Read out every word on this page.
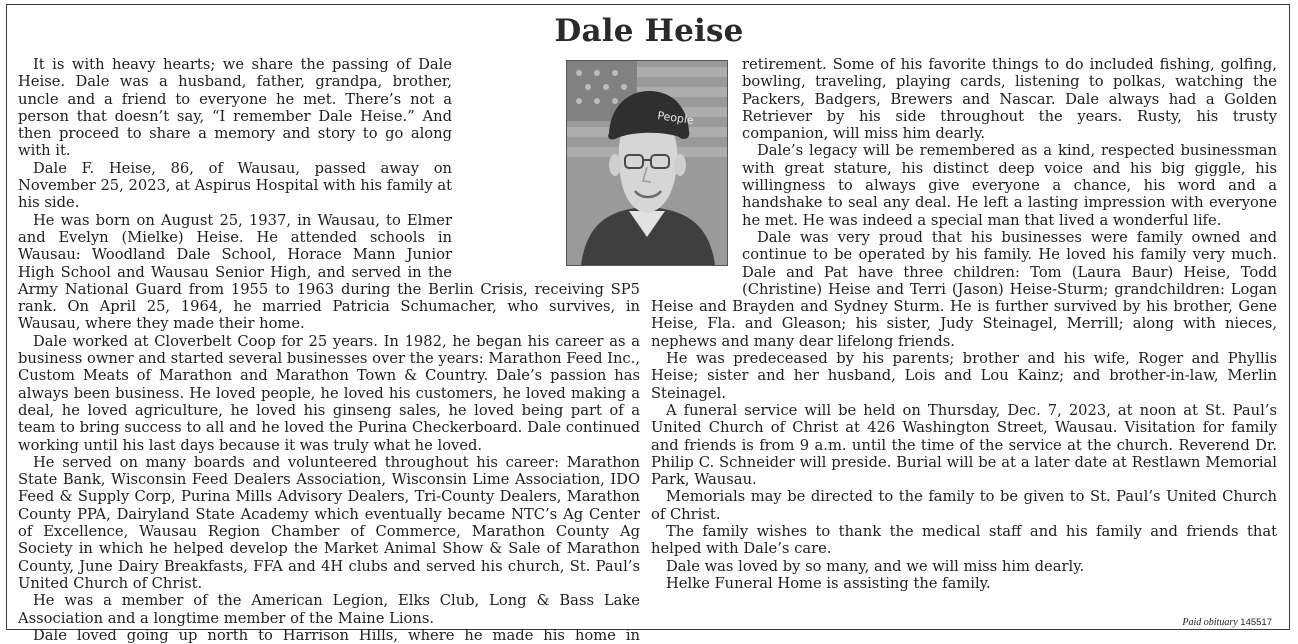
Dale Heise
People

It is with heavy hearts; we share the passing of Dale Heise. Dale was a husband, father, grandpa, brother, uncle and a friend to everyone he met. There’s not a person that doesn’t say, “I remember Dale Heise.” And then proceed to share a memory and story to go along with it.

Dale F. Heise, 86, of Wausau, passed away on November 25, 2023, at Aspirus Hospital with his family at his side.

He was born on August 25, 1937, in Wausau, to Elmer and Evelyn (Mielke) Heise. He attended schools in Wausau: Woodland Dale School, Horace Mann Junior High School and Wausau Senior High, and served in the Army National Guard from 1955 to 1963 during the Berlin Crisis, receiving SP5 rank. On April 25, 1964, he married Patricia Schumacher, who survives, in Wausau, where they made their home.

Dale worked at Cloverbelt Coop for 25 years. In 1982, he began his career as a business owner and started several businesses over the years: Marathon Feed Inc., Custom Meats of Marathon and Marathon Town & Country. Dale’s passion has always been business. He loved people, he loved his customers, he loved making a deal, he loved agriculture, he loved his ginseng sales, he loved being part of a team to bring success to all and he loved the Purina Checkerboard. Dale continued working until his last days because it was truly what he loved.

He served on many boards and volunteered throughout his career: Marathon State Bank, Wisconsin Feed Dealers Association, Wisconsin Lime Association, IDO Feed & Supply Corp, Purina Mills Advisory Dealers, Tri-County Dealers, Marathon County PPA, Dairyland State Academy which eventually became NTC’s Ag Center of Excellence, Wausau Region Chamber of Commerce, Marathon County Ag Society in which he helped develop the Market Animal Show & Sale of Marathon County, June Dairy Breakfasts, FFA and 4H clubs and served his church, St. Paul’s United Church of Christ.

He was a member of the American Legion, Elks Club, Long & Bass Lake Association and a longtime member of the Maine Lions.

Dale loved going up north to Harrison Hills, where he made his home in

retirement. Some of his favorite things to do included fishing, golfing, bowling, traveling, playing cards, listening to polkas, watching the Packers, Badgers, Brewers and Nascar. Dale always had a Golden Retriever by his side throughout the years. Rusty, his trusty companion, will miss him dearly.

Dale’s legacy will be remembered as a kind, respected businessman with great stature, his distinct deep voice and his big giggle, his willingness to always give everyone a chance, his word and a handshake to seal any deal. He left a lasting impression with everyone he met. He was indeed a special man that lived a wonderful life.

Dale was very proud that his businesses were family owned and continue to be operated by his family. He loved his family very much. Dale and Pat have three children: Tom (Laura Baur) Heise, Todd (Christine) Heise and Terri (Jason) Heise-Sturm; grandchildren: Logan Heise and Brayden and Sydney Sturm. He is further survived by his brother, Gene Heise, Fla. and Gleason; his sister, Judy Steinagel, Merrill; along with nieces, nephews and many dear lifelong friends.

He was predeceased by his parents; brother and his wife, Roger and Phyllis Heise; sister and her husband, Lois and Lou Kainz; and brother-in-law, Merlin Steinagel.

A funeral service will be held on Thursday, Dec. 7, 2023, at noon at St. Paul’s United Church of Christ at 426 Washington Street, Wausau. Visitation for family and friends is from 9 a.m. until the time of the service at the church. Reverend Dr. Philip C. Schneider will preside. Burial will be at a later date at Restlawn Memorial Park, Wausau.

Memorials may be directed to the family to be given to St. Paul’s United Church of Christ.

The family wishes to thank the medical staff and his family and friends that helped with Dale’s care.

Dale was loved by so many, and we will miss him dearly.

Helke Funeral Home is assisting the family.

Paid obituary 145517
